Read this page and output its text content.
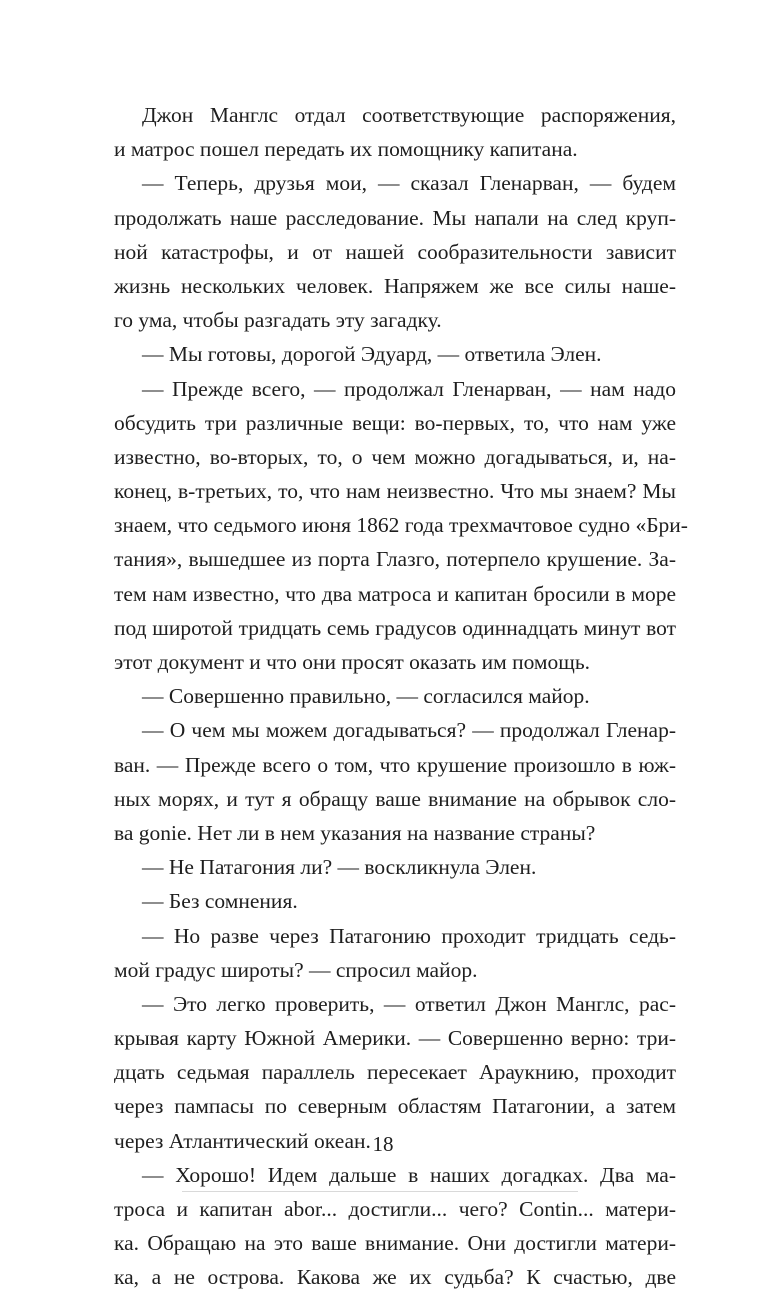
Джон Манглс отдал соответствующие распоряжения,
и матрос пошел передать их помощнику капитана.
— Теперь, друзья мои, — сказал Гленарван, — будем
продолжать наше расследование. Мы напали на след круп-
ной катастрофы, и от нашей сообразительности зависит
жизнь нескольких человек. Напряжем же все силы наше-
го ума, чтобы разгадать эту загадку.
— Мы готовы, дорогой Эдуард, — ответила Элен.
— Прежде всего, — продолжал Гленарван, — нам надо
обсудить три различные вещи: во-первых, то, что нам уже
известно, во-вторых, то, о чем можно догадываться, и, на-
конец, в-третьих, то, что нам неизвестно. Что мы знаем? Мы
знаем, что седьмого июня 1862 года трехмачтовое судно «Бри-
тания», вышедшее из порта Глазго, потерпело крушение. За-
тем нам известно, что два матроса и капитан бросили в море
под широтой тридцать семь градусов одиннадцать минут вот
этот документ и что они просят оказать им помощь.
— Совершенно правильно, — согласился майор.
— О чем мы можем догадываться? — продолжал Гленар-
ван. — Прежде всего о том, что крушение произошло в юж-
ных морях, и тут я обращу ваше внимание на обрывок сло-
ва gonie. Нет ли в нем указания на название страны?
— Не Патагония ли? — воскликнула Элен.
— Без сомнения.
— Но разве через Патагонию проходит тридцать седь-
мой градус широты? — спросил майор.
— Это легко проверить, — ответил Джон Манглс, рас-
крывая карту Южной Америки. — Совершенно верно: три-
дцать седьмая параллель пересекает Араукнию, проходит
через пампасы по северным областям Патагонии, а затем
через Атлантический океан.
— Хорошо! Идем дальше в наших догадках. Два ма-
троса и капитан abor... достигли... чего? Contin... матери-
ка. Обращаю на это ваше внимание. Они достигли матери-
ка, а не острова. Какова же их судьба? К счастью, две
18
